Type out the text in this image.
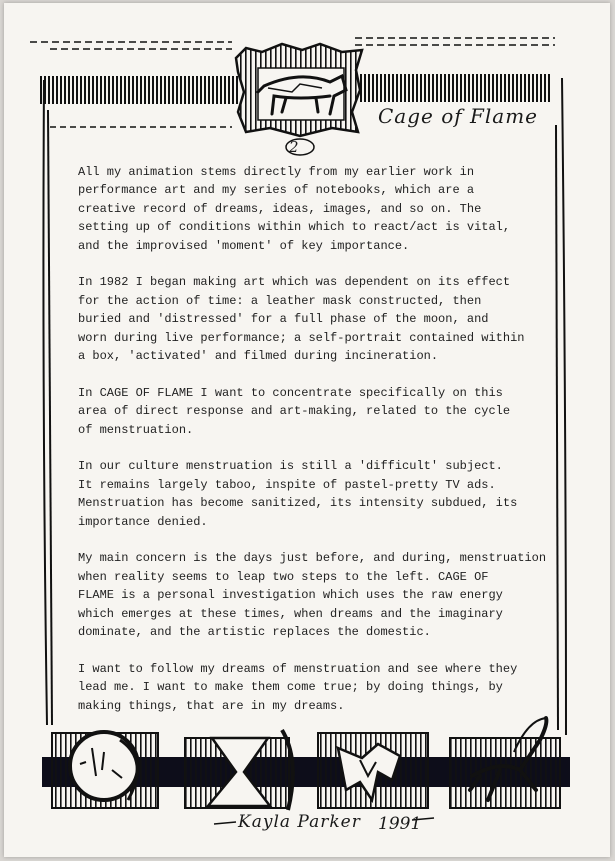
Cage of Flame
2

All my animation stems directly from my earlier work in
performance art and my series of notebooks, which are a
creative record of dreams, ideas, images, and so on. The
setting up of conditions within which to react/act is vital,
and the improvised 'moment' of key importance.

In 1982 I began making art which was dependent on its effect
for the action of time: a leather mask constructed, then
buried and 'distressed' for a full phase of the moon, and
worn during live performance; a self-portrait contained within
a box, 'activated' and filmed during incineration.

In CAGE OF FLAME I want to concentrate specifically on this
area of direct response and art-making, related to the cycle
of menstruation.

In our culture menstruation is still a 'difficult' subject.
It remains largely taboo, inspite of pastel-pretty TV ads.
Menstruation has become sanitized, its intensity subdued, its
importance denied.

My main concern is the days just before, and during, menstruation
when reality seems to leap two steps to the left. CAGE OF
FLAME is a personal investigation which uses the raw energy
which emerges at these times, when dreams and the imaginary
dominate, and the artistic replaces the domestic.

I want to follow my dreams of menstruation and see where they
lead me. I want to make them come true; by doing things, by
making things, that are in my dreams.

Kayla Parker 1991
